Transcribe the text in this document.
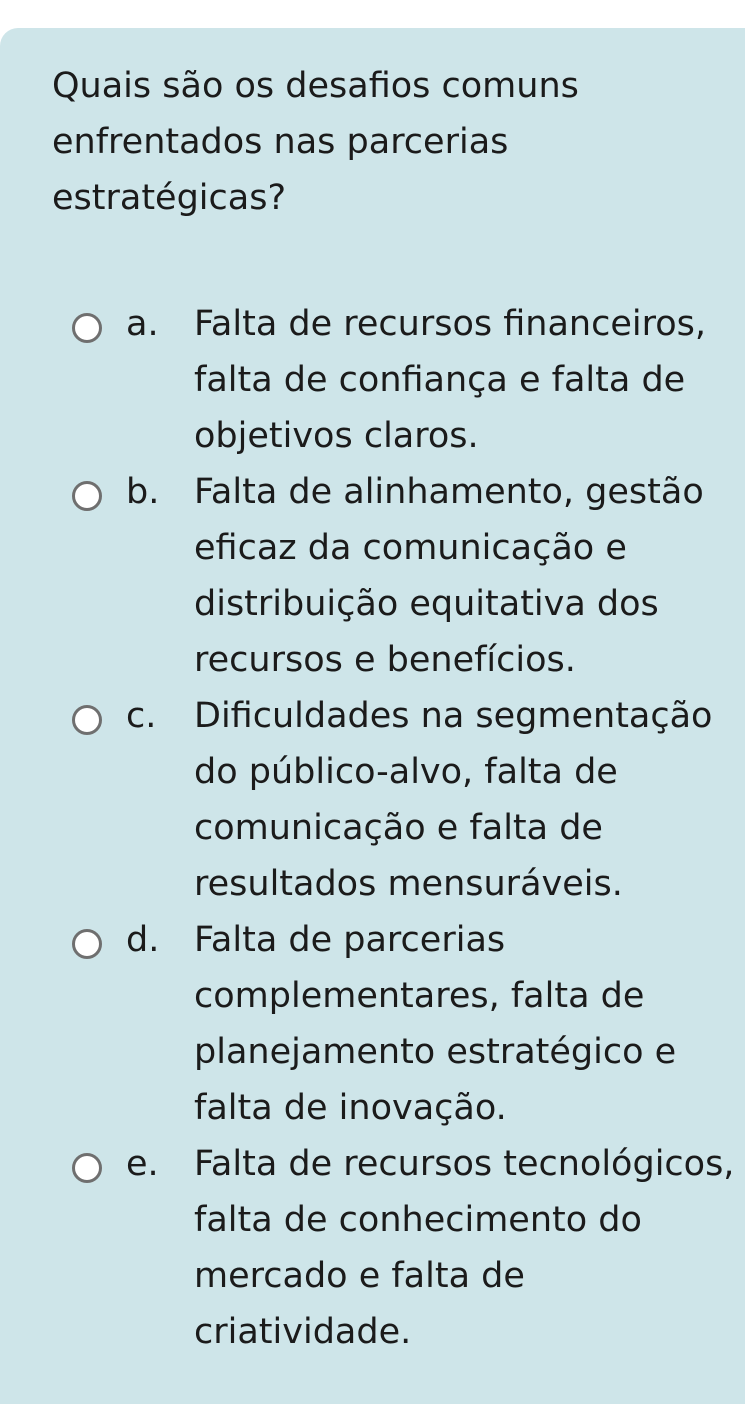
Quais são os desafios comuns enfrentados nas parcerias estratégicas?
a. Falta de recursos financeiros, falta de confiança e falta de objetivos claros.
b. Falta de alinhamento, gestão eficaz da comunicação e distribuição equitativa dos recursos e benefícios.
c. Dificuldades na segmentação do público-alvo, falta de comunicação e falta de resultados mensuráveis.
d. Falta de parcerias complementares, falta de planejamento estratégico e falta de inovação.
e. Falta de recursos tecnológicos, falta de conhecimento do mercado e falta de criatividade.
